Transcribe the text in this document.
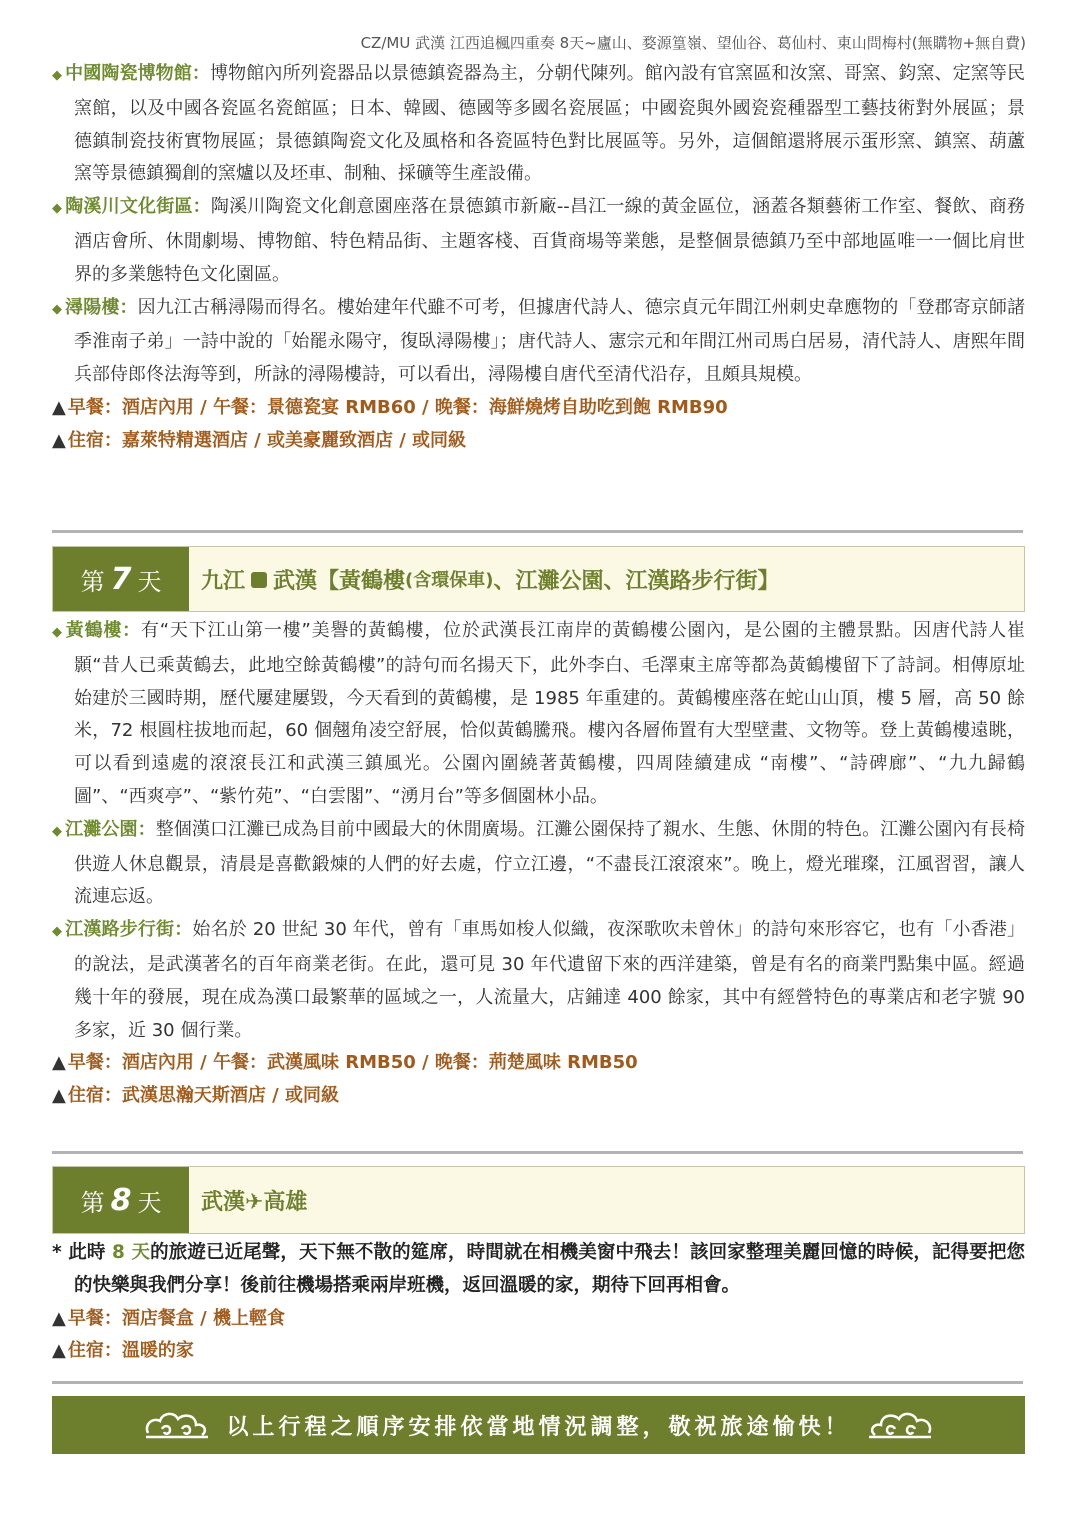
CZ/MU 武漢 江西追楓四重奏 8天~廬山、婺源篁嶺、望仙谷、葛仙村、東山問梅村(無購物+無自費)

◆ 中國陶瓷博物館：博物館內所列瓷器品以景德鎮瓷器為主，分朝代陳列。館內設有官窯區和汝窯、哥窯、鈞窯、定窯等民窯館，以及中國各瓷區名瓷館區；日本、韓國、德國等多國名瓷展區；中國瓷與外國瓷瓷種器型工藝技術對外展區；景德鎮制瓷技術實物展區；景德鎮陶瓷文化及風格和各瓷區特色對比展區等。另外，這個館還將展示蛋形窯、鎮窯、葫蘆窯等景德鎮獨創的窯爐以及坯車、制釉、採礦等生產設備。

◆ 陶溪川文化街區：陶溪川陶瓷文化創意園座落在景德鎮市新廠--昌江一線的黃金區位，涵蓋各類藝術工作室、餐飲、商務酒店會所、休閒劇場、博物館、特色精品街、主題客棧、百貨商場等業態，是整個景德鎮乃至中部地區唯一一個比肩世界的多業態特色文化園區。

◆ 潯陽樓：因九江古稱潯陽而得名。樓始建年代雖不可考，但據唐代詩人、德宗貞元年間江州刺史韋應物的「登郡寄京師諸季淮南子弟」一詩中說的「始罷永陽守，復臥潯陽樓」；唐代詩人、憲宗元和年間江州司馬白居易，清代詩人、唐熙年間兵部侍郎佟法海等到，所詠的潯陽樓詩，可以看出，潯陽樓自唐代至清代沿存，且頗具規模。

▲ 早餐：酒店內用 / 午餐：景德瓷宴 RMB60 / 晚餐：海鮮燒烤自助吃到飽 RMB90

▲ 住宿：嘉萊特精選酒店 / 或美豪麗致酒店 / 或同級

第 7 天 九江 武漢【黃鶴樓 (含環保車) 、江灘公園、江漢路步行街】

◆ 黃鶴樓：有“天下江山第一樓”美譽的黃鶴樓，位於武漢長江南岸的黃鶴樓公園內，是公園的主體景點。因唐代詩人崔顥“昔人已乘黃鶴去，此地空餘黃鶴樓”的詩句而名揚天下，此外李白、毛澤東主席等都為黃鶴樓留下了詩詞。相傳原址始建於三國時期，歷代屢建屢毀，今天看到的黃鶴樓，是 1985 年重建的。黃鶴樓座落在蛇山山頂，樓 5 層，高 50 餘米，72 根圓柱拔地而起，60 個翹角凌空舒展，恰似黃鶴騰飛。樓內各層佈置有大型壁畫、文物等。登上黃鶴樓遠眺，可以看到遠處的滾滾長江和武漢三鎮風光。公園內圍繞著黃鶴樓，四周陸續建成 “南樓”、“詩碑廊”、“九九歸鶴圖”、“西爽亭”、“紫竹苑”、“白雲閣”、“湧月台”等多個園林小品。

◆ 江灘公園：整個漢口江灘已成為目前中國最大的休閒廣場。江灘公園保持了親水、生態、休閒的特色。江灘公園內有長椅供遊人休息觀景，清晨是喜歡鍛煉的人們的好去處，佇立江邊，“不盡長江滾滾來”。晚上，燈光璀璨，江風習習，讓人流連忘返。

◆ 江漢路步行街：始名於 20 世紀 30 年代，曾有「車馬如梭人似織，夜深歌吹未曾休」的詩句來形容它，也有「小香港」的說法，是武漢著名的百年商業老街。在此，還可見 30 年代遺留下來的西洋建築，曾是有名的商業門點集中區。經過幾十年的發展，現在成為漢口最繁華的區域之一，人流量大，店鋪達 400 餘家，其中有經營特色的專業店和老字號 90 多家，近 30 個行業。

▲ 早餐：酒店內用 / 午餐：武漢風味 RMB50 / 晚餐：荊楚風味 RMB50

▲ 住宿：武漢思瀚天斯酒店 / 或同級

第 8 天 武漢✈高雄

* 此時 8 天的旅遊已近尾聲，天下無不散的筵席，時間就在相機美窗中飛去！該回家整理美麗回憶的時候，記得要把您的快樂與我們分享！後前往機場搭乘兩岸班機，返回溫暖的家，期待下回再相會。

▲ 早餐：酒店餐盒 / 機上輕食

▲ 住宿：溫暖的家

以上行程之順序安排依當地情況調整，敬祝旅途愉快！
